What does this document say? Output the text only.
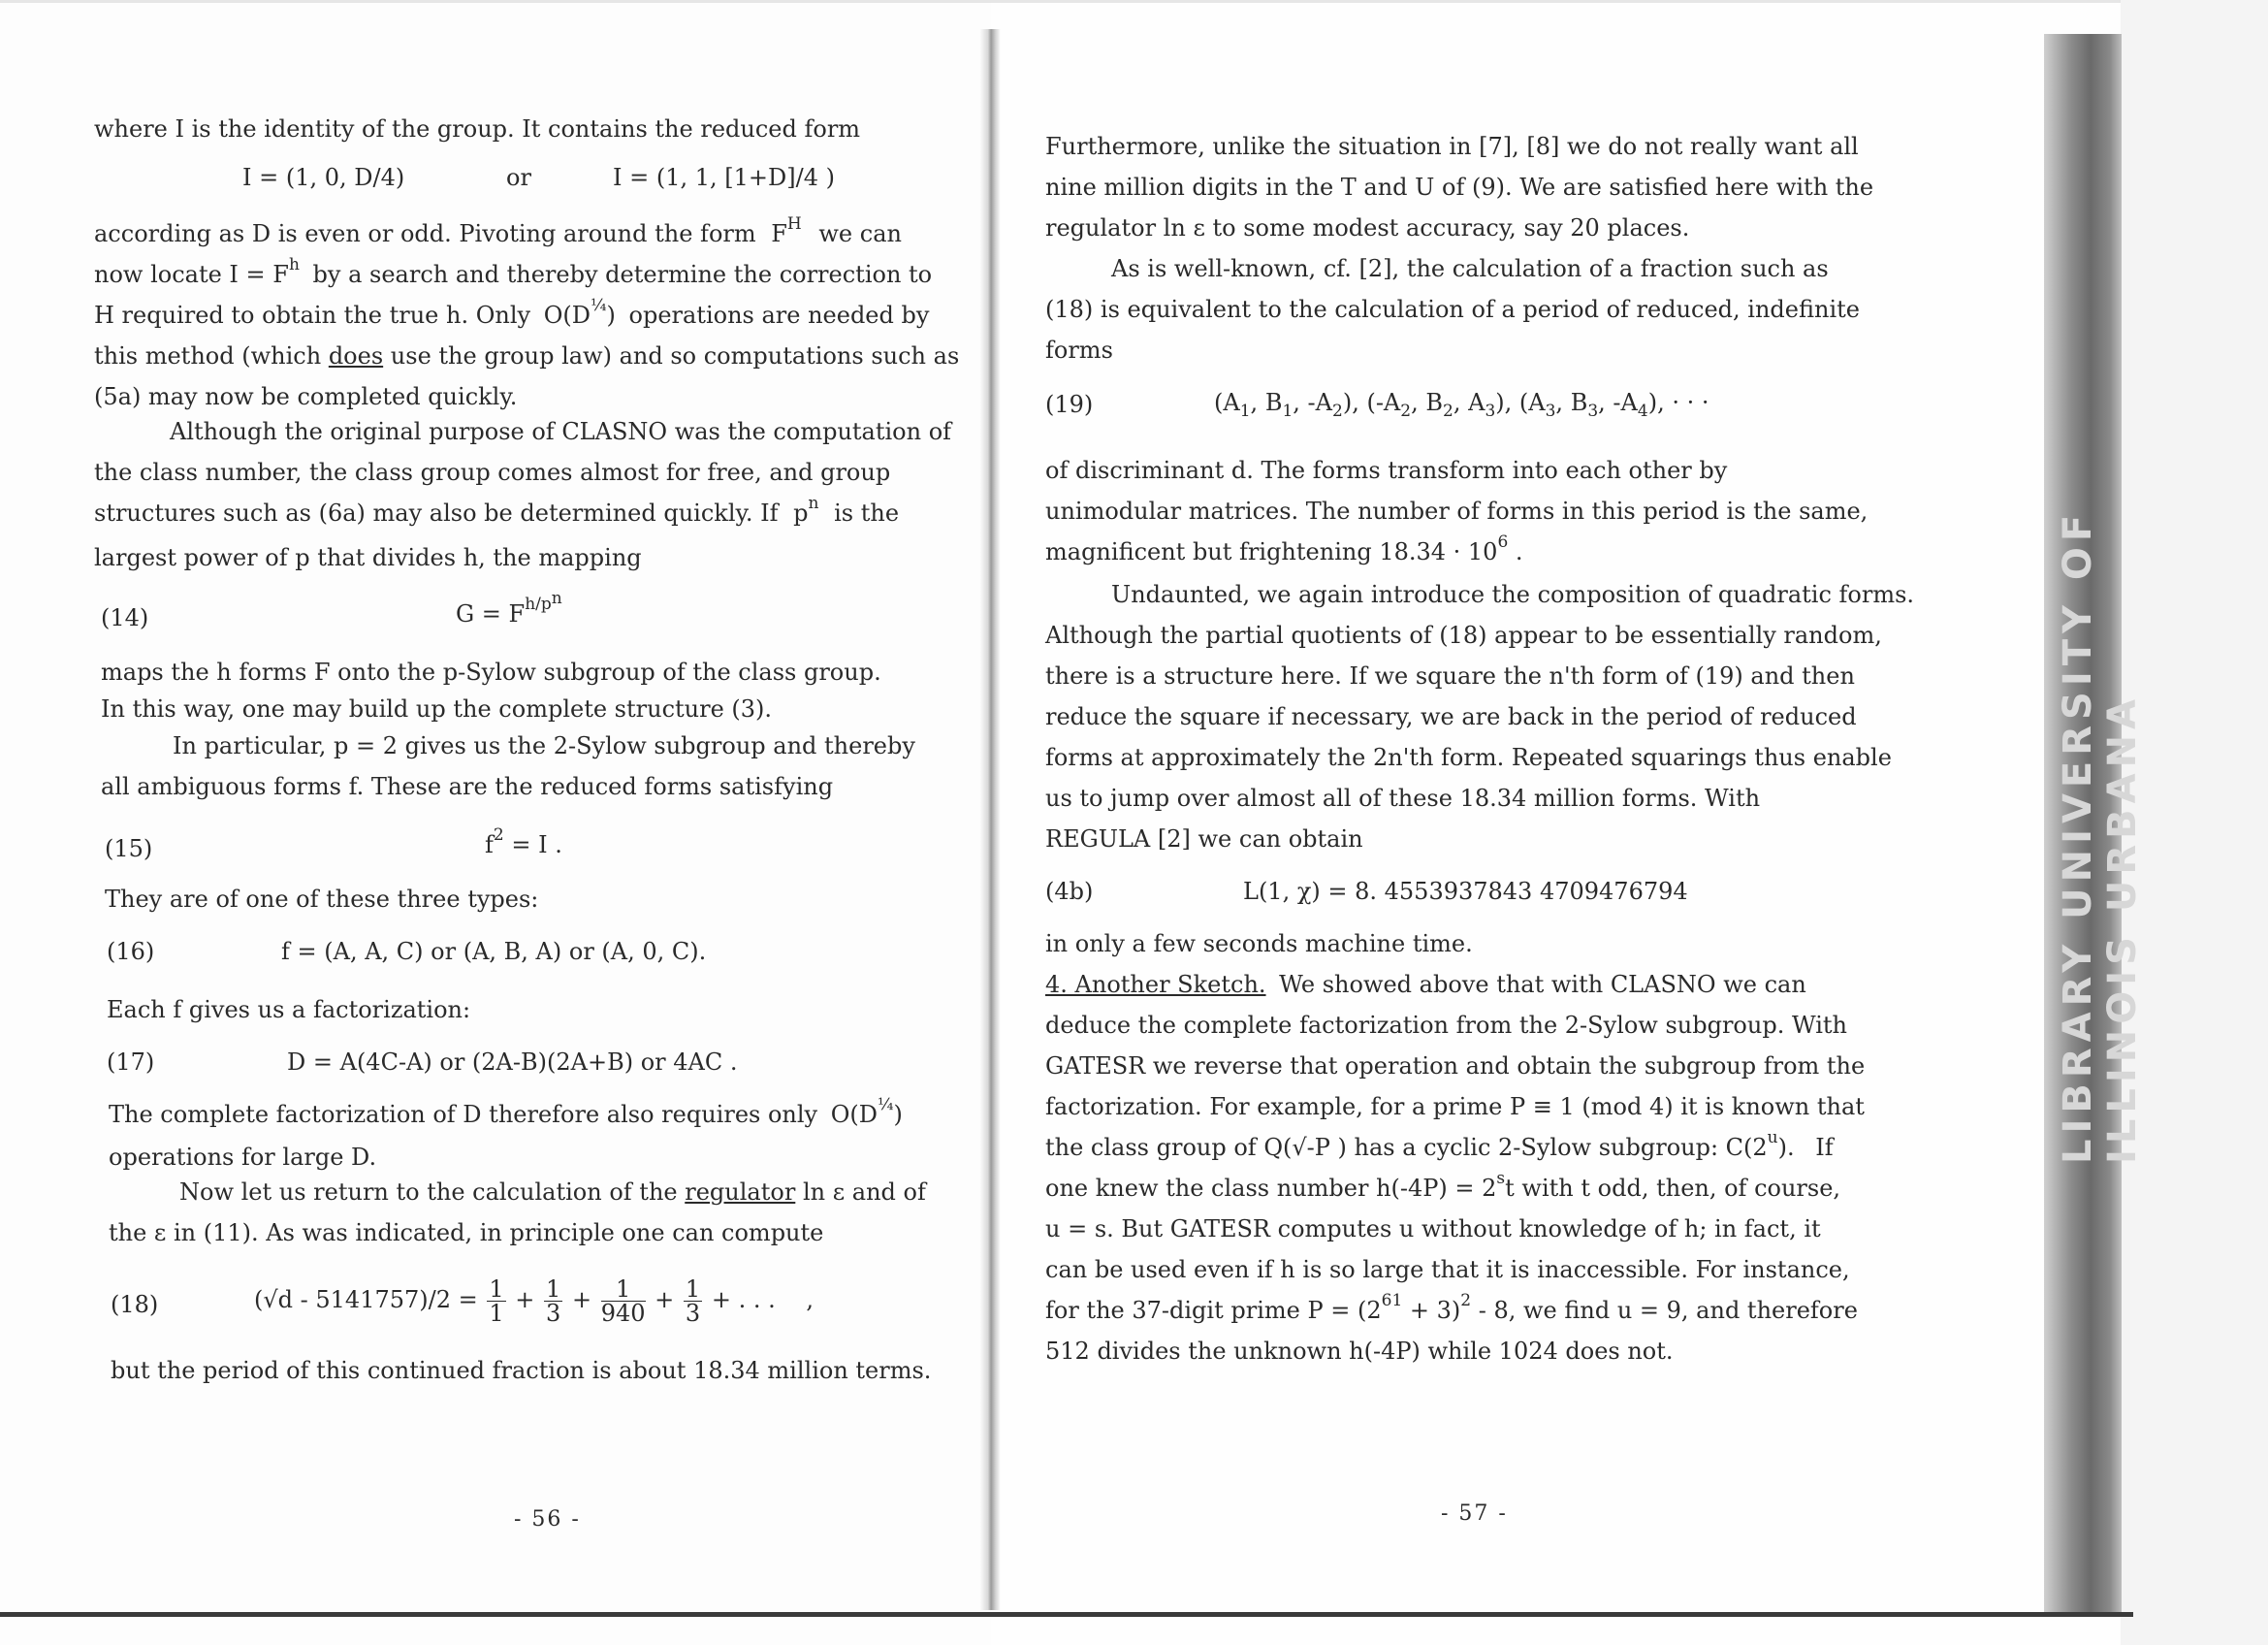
LIBRARY UNIVERSITY OF ILLINOIS URBANA
where I is the identity of the group. It contains the reduced form
I = (1, 0, D/4)	or	I = (1, 1, [1+D]/4 )
according as D is even or odd. Pivoting around the form $F^H$ we can
now locate $I = F^h$ by a search and thereby determine the correction to
H required to obtain the true h. Only $O(D^{\frac{1}{4}})$ operations are needed by
this method (which does use the group law) and so computations such as
(5a) may now be completed quickly.
Although the original purpose of CLASNO was the computation of
the class number, the class group comes almost for free, and group
structures such as (6a) may also be determined quickly. If $p^n$ is the
largest power of p that divides h, the mapping
(14)	$G = F^{h/p^n}$
maps the h forms F onto the p-Sylow subgroup of the class group.
In this way, one may build up the complete structure (3).
In particular, p = 2 gives us the 2-Sylow subgroup and thereby
all ambiguous forms f. These are the reduced forms satisfying
(15)	$f^2 = I$ .
They are of one of these three types:
(16)	f = (A, A, C) or (A, B, A) or (A, 0, C).
Each f gives us a factorization:
(17)	D = A(4C-A) or (2A-B)(2A+B) or 4AC .
The complete factorization of D therefore also requires only $O(D^{\frac{1}{4}})$
operations for large D.
Now let us return to the calculation of the regulator ln ε and of
the ε in (11). As was indicated, in principle one can compute
(18)	$(√d - 5141757)/2 = \frac{1}{1} + \frac{1}{3} + \frac{1}{940} + \frac{1}{3}$ + . . . ,
but the period of this continued fraction is about 18.34 million terms.
- 56 -
Furthermore, unlike the situation in [7], [8] we do not really want all
nine million digits in the T and U of (9). We are satisfied here with the
regulator ln ε to some modest accuracy, say 20 places.
As is well-known, cf. [2], the calculation of a fraction such as
(18) is equivalent to the calculation of a period of reduced, indefinite
forms
(19)	($A_1$, $B_1$, $-A_2$), ($-A_2$, $B_2$, $A_3$), ($A_3$, $B_3$, $-A_4$), · · ·
of discriminant d. The forms transform into each other by
unimodular matrices. The number of forms in this period is the same,
magnificent but frightening $18.34 \cdot 10^6$ .
Undaunted, we again introduce the composition of quadratic forms.
Although the partial quotients of (18) appear to be essentially random,
there is a structure here. If we square the n'th form of (19) and then
reduce the square if necessary, we are back in the period of reduced
forms at approximately the 2n'th form. Repeated squarings thus enable
us to jump over almost all of these 18.34 million forms. With
REGULA [2] we can obtain
(4b)	L(1, χ) = 8. 4553937843 4709476794
in only a few seconds machine time.
4. Another Sketch. We showed above that with CLASNO we can
deduce the complete factorization from the 2-Sylow subgroup. With
GATESR we reverse that operation and obtain the subgroup from the
factorization. For example, for a prime P ≡ 1 (mod 4) it is known that
the class group of Q(√-P ) has a cyclic 2-Sylow subgroup: C(2$^u$). If
one knew the class number $h(-4P) = 2^st$ with t odd, then, of course,
u = s. But GATESR computes u without knowledge of h; in fact, it
can be used even if h is so large that it is inaccessible. For instance,
for the 37-digit prime $P = (2^{61} + 3)^2 - 8$, we find u = 9, and therefore
512 divides the unknown h(-4P) while 1024 does not.
- 57 -
